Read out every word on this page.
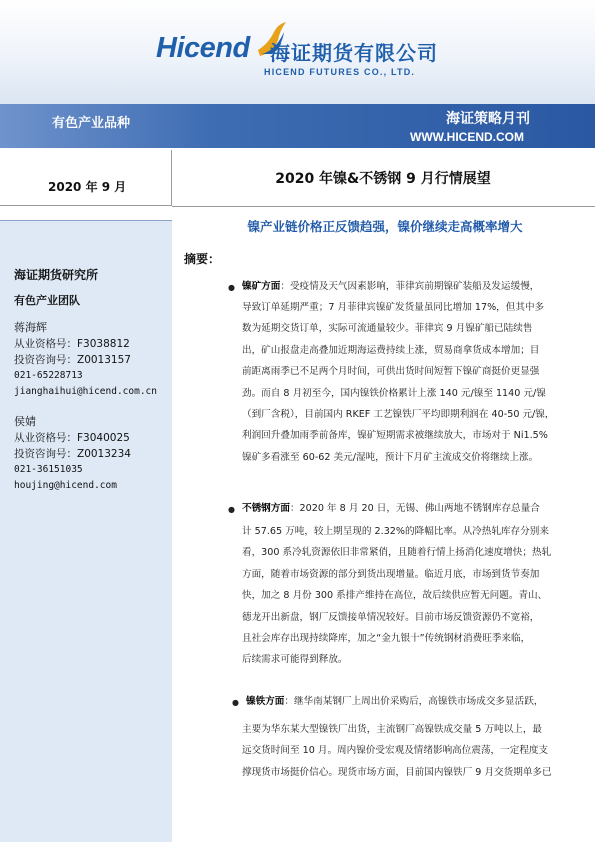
Hicend 海证期货有限公司
HICEND FUTURES CO., LTD.
有色产业品种	海证策略月刊
WWW.HICEND.COM
2020 年 9 月	2020 年镍&不锈钢 9 月行情展望
海证期货研究所
有色产业团队
蒋海辉
从业资格号：F3038812
投资咨询号：Z0013157
021-65228713
jianghaihui@hicend.com.cn
侯婧
从业资格号：F3040025
投资咨询号：Z0013234
021-36151035
houjing@hicend.com
镍产业链价格正反馈趋强，镍价继续走高概率增大
摘要：
● 镍矿方面：受疫情及天气因素影响，菲律宾前期镍矿装船及发运缓慢，
导致订单延期严重；7 月菲律宾镍矿发货量虽同比增加 17%，但其中多
数为延期交货订单，实际可流通量较少。菲律宾 9 月镍矿船已陆续售
出，矿山报盘走高叠加近期海运费持续上涨，贸易商拿货成本增加；目
前距离雨季已不足两个月时间，可供出货时间短暂下镍矿商挺价更显强
劲。而自 8 月初至今，国内镍铁价格累计上涨 140 元/镍至 1140 元/镍
（到厂含税），目前国内 RKEF 工艺镍铁厂平均即期利润在 40-50 元/镍，
利润回升叠加雨季前备库，镍矿短期需求被继续放大，市场对于 Ni1.5%
镍矿多看涨至 60-62 美元/湿吨，预计下月矿主流成交价将继续上涨。
● 不锈钢方面：2020 年 8 月 20 日，无锡、佛山两地不锈钢库存总量合
计 57.65 万吨，较上期呈现的 2.32%的降幅比率。从冷热轧库存分别来
看，300 系冷轧资源依旧非常紧俏，且随着行情上扬消化速度增快；热轧
方面，随着市场资源的部分到货出现增量。临近月底，市场到货节奏加
快，加之 8 月份 300 系排产维持在高位，故后续供应暂无问题。青山、
德龙开出新盘，钢厂反馈接单情况较好。目前市场反馈资源仍不宽裕，
且社会库存出现持续降库，加之“金九银十”传统钢材消费旺季来临，
后续需求可能得到释放。
● 镍铁方面：继华南某钢厂上周出价采购后，高镍铁市场成交多显活跃，
主要为华东某大型镍铁厂出货，主流钢厂高镍铁成交量 5 万吨以上，最
远交货时间至 10 月。周内镍价受宏观及情绪影响高位震荡，一定程度支
撑现货市场挺价信心。现货市场方面，目前国内镍铁厂 9 月交货期单多已
